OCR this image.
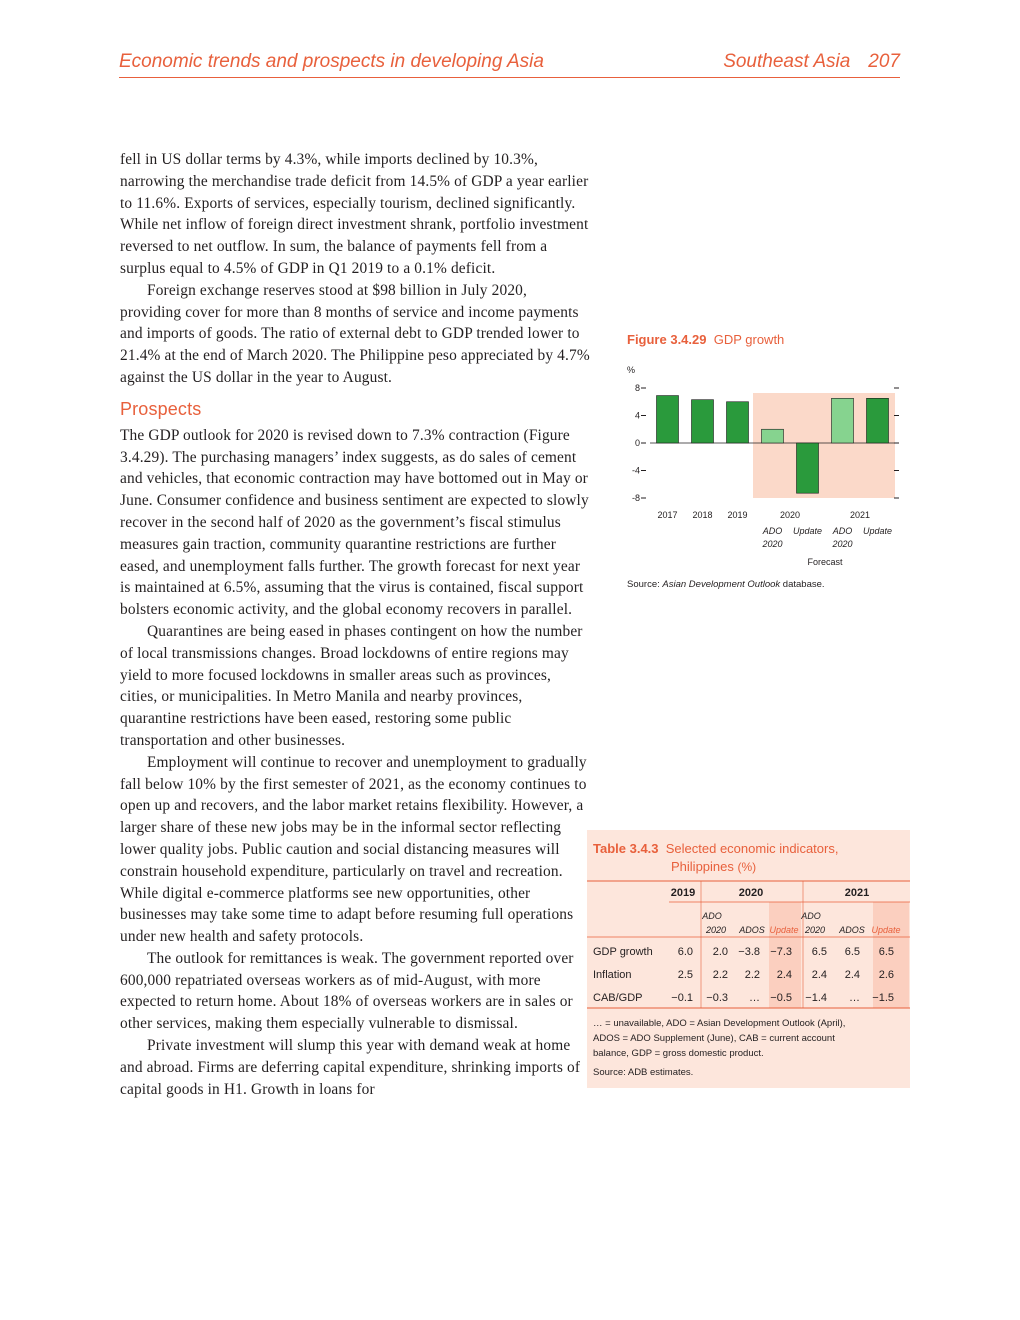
Economic trends and prospects in developing Asia	Southeast Asia 207

fell in US dollar terms by 4.3%, while imports declined by 10.3%, narrowing the merchandise trade deficit from 14.5% of GDP a year earlier to 11.6%. Exports of services, especially tourism, declined significantly. While net inflow of foreign direct investment shrank, portfolio investment reversed to net outflow. In sum, the balance of payments fell from a surplus equal to 4.5% of GDP in Q1 2019 to a 0.1% deficit.

Foreign exchange reserves stood at $98 billion in July 2020, providing cover for more than 8 months of service and income payments and imports of goods. The ratio of external debt to GDP trended lower to 21.4% at the end of March 2020. The Philippine peso appreciated by 4.7% against the US dollar in the year to August.

Prospects

The GDP outlook for 2020 is revised down to 7.3% contraction (Figure 3.4.29). The purchasing managers’ index suggests, as do sales of cement and vehicles, that economic contraction may have bottomed out in May or June. Consumer confidence and business sentiment are expected to slowly recover in the second half of 2020 as the government’s fiscal stimulus measures gain traction, community quarantine restrictions are further eased, and unemployment falls further. The growth forecast for next year is maintained at 6.5%, assuming that the virus is contained, fiscal support bolsters economic activity, and the global economy recovers in parallel.

Quarantines are being eased in phases contingent on how the number of local transmissions changes. Broad lockdowns of entire regions may yield to more focused lockdowns in smaller areas such as provinces, cities, or municipalities. In Metro Manila and nearby provinces, quarantine restrictions have been eased, restoring some public transportation and other businesses.

Employment will continue to recover and unemployment to gradually fall below 10% by the first semester of 2021, as the economy continues to open up and recovers, and the labor market retains flexibility. However, a larger share of these new jobs may be in the informal sector reflecting lower quality jobs. Public caution and social distancing measures will constrain household expenditure, particularly on travel and recreation. While digital e-commerce platforms see new opportunities, other businesses may take some time to adapt before resuming full operations under new health and safety protocols.

The outlook for remittances is weak. The government reported over 600,000 repatriated overseas workers as of mid-August, with more expected to return home. About 18% of overseas workers are in sales or other services, making them especially vulnerable to dismissal.

Private investment will slump this year with demand weak at home and abroad. Firms are deferring capital expenditure, shrinking imports of capital goods in H1. Growth in loans for

Figure 3.4.29 GDP growth
%
8
4
0
-4
-8
2017 2018 2019	2020	2021
ADO
2020
Update ADO
2020
Update
Forecast
Source: Asian Development Outlook database.
Table 3.4.3 Selected economic indicators,
Philippines (%)
2019	2020	2021
ADO
2020 ADOS Update
ADO
2020 ADOS Update
GDP growth 6.0 2.0 −3.8 −7.3 6.5 6.5 6.5
Inflation	2.5 2.2 2.2 2.4 2.4 2.4 2.6
CAB/GDP	−0.1 −0.3 … −0.5 −1.4 … −1.5

… = unavailable, ADO = Asian Development Outlook (April),

ADOS = ADO Supplement (June), CAB = current account

balance, GDP = gross domestic product.

Source: ADB estimates.
